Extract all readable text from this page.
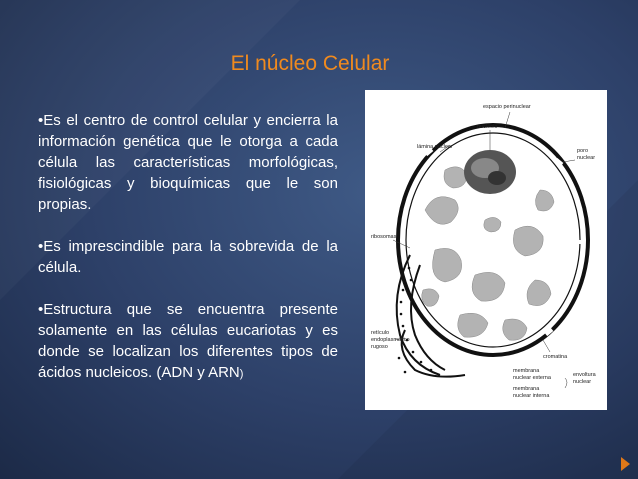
El núcleo Celular

•Es el centro de control celular y encierra la información genética que le otorga a cada célula las características morfológicas, fisiológicas y bioquímicas que le son propias.

•Es imprescindible para la sobrevida de la célula.

•Estructura que se encuentra presente solamente en las células eucariotas y es donde se localizan los diferentes tipos de ácidos nucleicos. (ADN y ARN)

espacio perinuclear
nucléolo
lámina nuclear
poro
nuclear
ribosomas
cromatina
retículo
endoplasmático
rugoso
membrana
nuclear externa	envoltura
nuclear
membrana
nuclear interna
